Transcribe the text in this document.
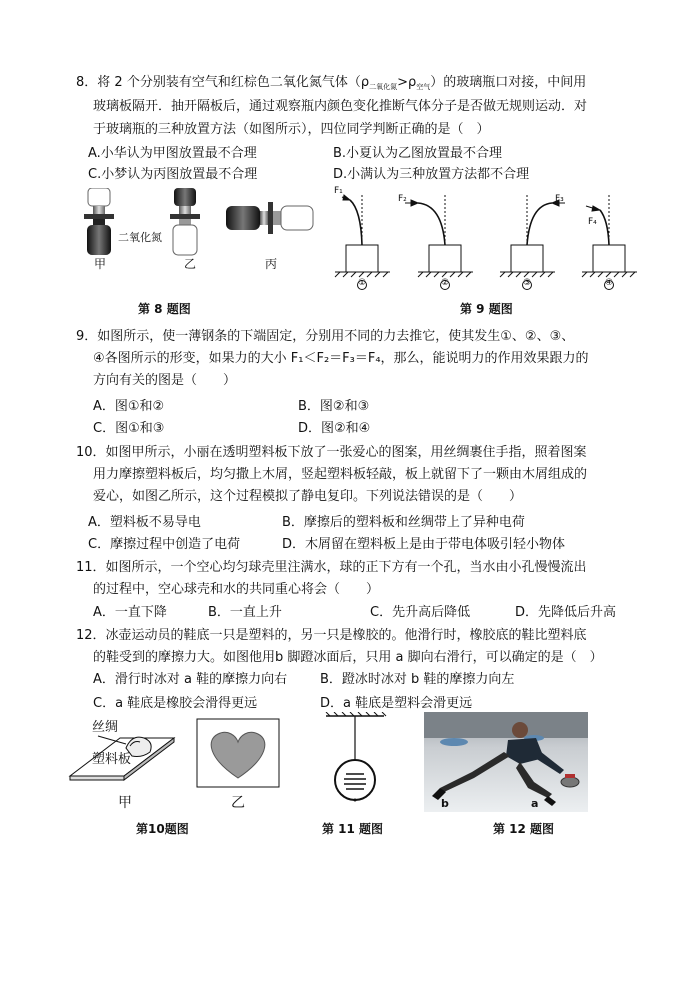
8．将 2 个分别装有空气和红棕色二氧化氮气体$(\rho_{二氧化氮}>\rho_{空气})$的玻璃瓶口对接，中间用
玻璃板隔开．抽开隔板后，通过观察瓶内颜色变化推断气体分子是否做无规则运动．对
于玻璃瓶的三种放置方法（如图所示），四位同学判断正确的是（　）
A.小华认为甲图放置最不合理	B.小夏认为乙图放置最不合理
C.小梦认为丙图放置最不合理	D.小满认为三种放置方法都不合理
二氧化氮
甲	乙	丙
第 8 题图
F₁
F₂	F₃
F₄
①	②	③	④
第 9 题图
9．如图所示，使一薄钢条的下端固定，分别用不同的力去推它，使其发生①、②、③、
④各图所示的形变，如果力的大小 F₁＜F₂＝F₃＝F₄，那么，能说明力的作用效果跟力的
方向有关的图是（　　）
A．图①和②	B．图②和③
C．图①和③	D．图②和④
10．如图甲所示，小丽在透明塑料板下放了一张爱心的图案，用丝绸裹住手指，照着图案
用力摩擦塑料板后，均匀撒上木屑，竖起塑料板轻敲，板上就留下了一颗由木屑组成的
爱心，如图乙所示，这个过程模拟了静电复印。下列说法错误的是（　　）
A．塑料板不易导电	B．摩擦后的塑料板和丝绸带上了异种电荷
C．摩擦过程中创造了电荷	D．木屑留在塑料板上是由于带电体吸引轻小物体
11．如图所示，一个空心均匀球壳里注满水，球的正下方有一个孔，当水由小孔慢慢流出
的过程中，空心球壳和水的共同重心将会（　　）
A．一直下降	B．一直上升	C．先升高后降低	D．先降低后升高
12．冰壶运动员的鞋底一只是塑料的，另一只是橡胶的。他滑行时，橡胶底的鞋比塑料底
的鞋受到的摩擦力大。如图他用b 脚蹬冰面后，只用 a 脚向右滑行，可以确定的是（　）
A．滑行时冰对 a 鞋的摩擦力向右	B．蹬冰时冰对 b 鞋的摩擦力向左
C．a 鞋底是橡胶会滑得更远	D．a 鞋底是塑料会滑更远
丝绸
塑料板
甲	乙
第10题图	第 11 题图
b	a
第 12 题图
